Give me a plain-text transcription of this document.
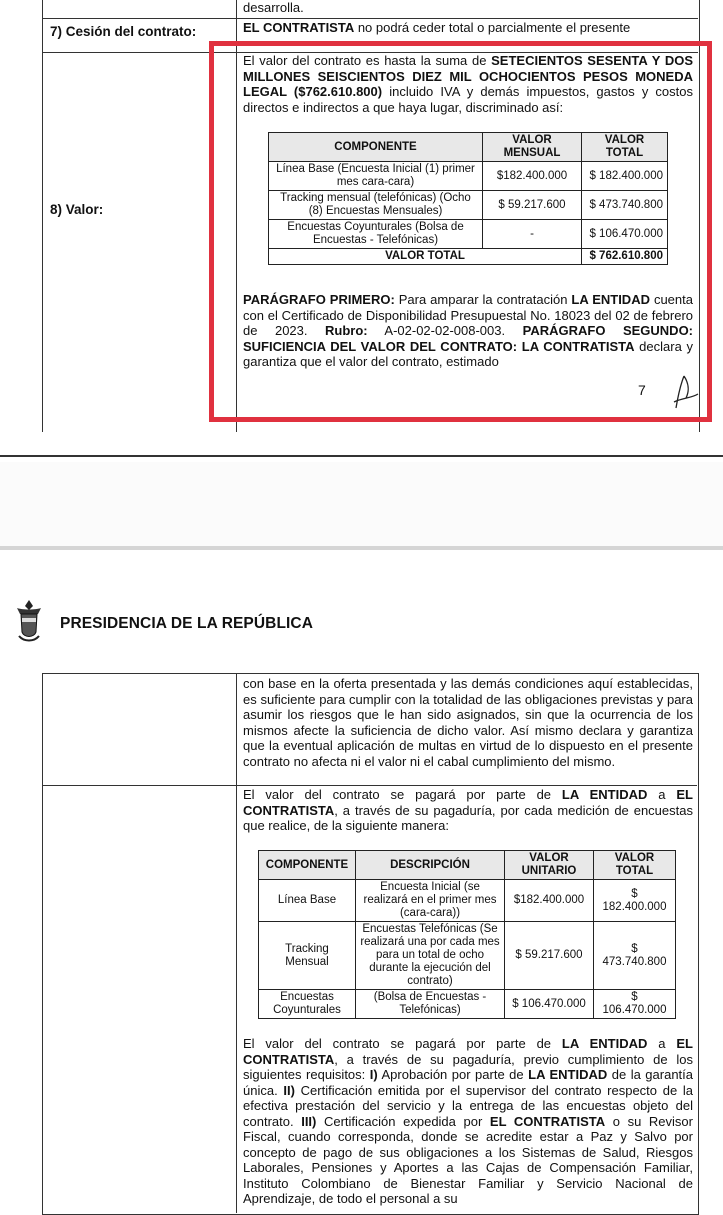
desarrolla.
7) Cesión del contrato:	EL CONTRATISTA no podrá ceder total o parcialmente el presente
8) Valor:
El valor del contrato es hasta la suma de SETECIENTOS SESENTA Y DOS MILLONES SEISCIENTOS DIEZ MIL OCHOCIENTOS PESOS MONEDA LEGAL ($762.610.800) incluido IVA y demás impuestos, gastos y costos directos e indirectos a que haya lugar, discriminado así:
COMPONENTE	VALOR MENSUAL	VALOR TOTAL
Línea Base (Encuesta Inicial (1) primer mes cara-cara)	$182.400.000	$ 182.400.000
Tracking mensual (telefónicas) (Ocho (8) Encuestas Mensuales)	$ 59.217.600	$ 473.740.800
Encuestas Coyunturales (Bolsa de Encuestas - Telefónicas)	-	$ 106.470.000
VALOR TOTAL		$ 762.610.800
PARÁGRAFO PRIMERO: Para amparar la contratación LA ENTIDAD cuenta con el Certificado de Disponibilidad Presupuestal No. 18023 del 02 de febrero de 2023. Rubro: A-02-02-02-008-003. PARÁGRAFO SEGUNDO: SUFICIENCIA DEL VALOR DEL CONTRATO: LA CONTRATISTA declara y garantiza que el valor del contrato, estimado
7
PRESIDENCIA DE LA REPÚBLICA
con base en la oferta presentada y las demás condiciones aquí establecidas, es suficiente para cumplir con la totalidad de las obligaciones previstas y para asumir los riesgos que le han sido asignados, sin que la ocurrencia de los mismos afecte la suficiencia de dicho valor. Así mismo declara y garantiza que la eventual aplicación de multas en virtud de lo dispuesto en el presente contrato no afecta ni el valor ni el cabal cumplimiento del mismo.
El valor del contrato se pagará por parte de LA ENTIDAD a EL CONTRATISTA, a través de su pagaduría, por cada medición de encuestas que realice, de la siguiente manera:
COMPONENTE	DESCRIPCIÓN	VALOR UNITARIO	VALOR TOTAL
Línea Base	Encuesta Inicial (se realizará en el primer mes (cara-cara))	$182.400.000	$ 182.400.000
Tracking Mensual	Encuestas Telefónicas (Se realizará una por cada mes para un total de ocho durante la ejecución del contrato)	$ 59.217.600	$ 473.740.800
Encuestas Coyunturales	(Bolsa de Encuestas - Telefónicas)	$ 106.470.000	$ 106.470.000
El valor del contrato se pagará por parte de LA ENTIDAD a EL CONTRATISTA, a través de su pagaduría, previo cumplimiento de los siguientes requisitos: I) Aprobación por parte de LA ENTIDAD de la garantía única. II) Certificación emitida por el supervisor del contrato respecto de la efectiva prestación del servicio y la entrega de las encuestas objeto del contrato. III) Certificación expedida por EL CONTRATISTA o su Revisor Fiscal, cuando corresponda, donde se acredite estar a Paz y Salvo por concepto de pago de sus obligaciones a los Sistemas de Salud, Riesgos Laborales, Pensiones y Aportes a las Cajas de Compensación Familiar, Instituto Colombiano de Bienestar Familiar y Servicio Nacional de Aprendizaje, de todo el personal a su
